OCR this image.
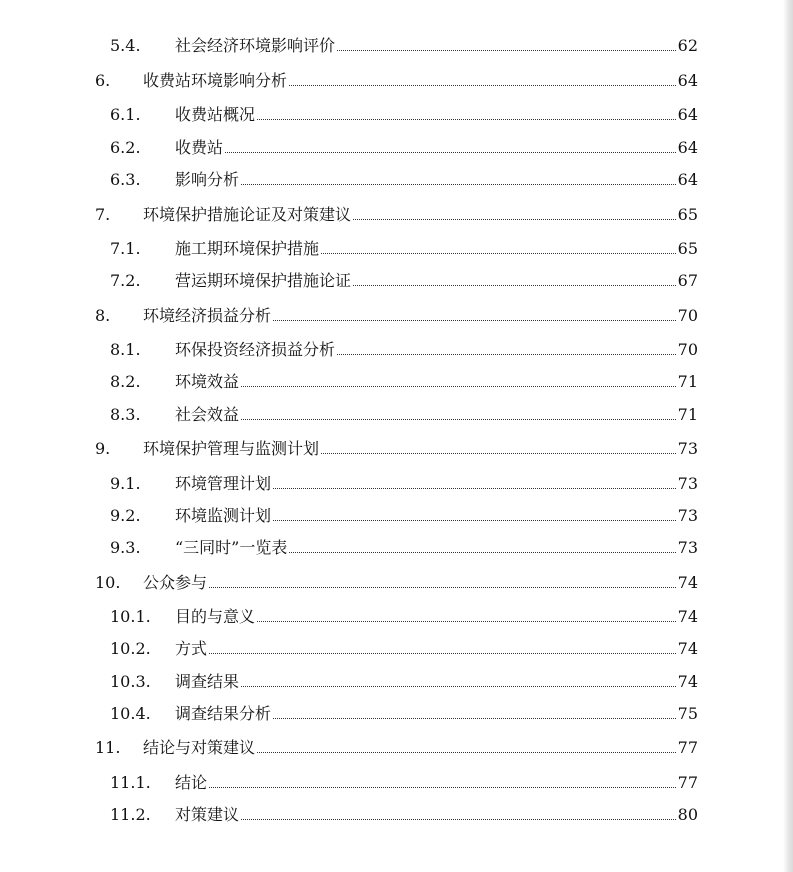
5.4. 社会经济环境影响评价	62
6. 收费站环境影响分析	64
6.1. 收费站概况	64
6.2. 收费站	64
6.3. 影响分析	64
7. 环境保护措施论证及对策建议	65
7.1. 施工期环境保护措施	65
7.2. 营运期环境保护措施论证	67
8. 环境经济损益分析	70
8.1. 环保投资经济损益分析	70
8.2. 环境效益	71
8.3. 社会效益	71
9. 环境保护管理与监测计划	73
9.1. 环境管理计划	73
9.2. 环境监测计划	73
9.3. “三同时”一览表	73
10. 公众参与	74
10.1. 目的与意义	74
10.2. 方式	74
10.3. 调查结果	74
10.4. 调查结果分析	75
11. 结论与对策建议	77
11.1. 结论	77
11.2. 对策建议	80
